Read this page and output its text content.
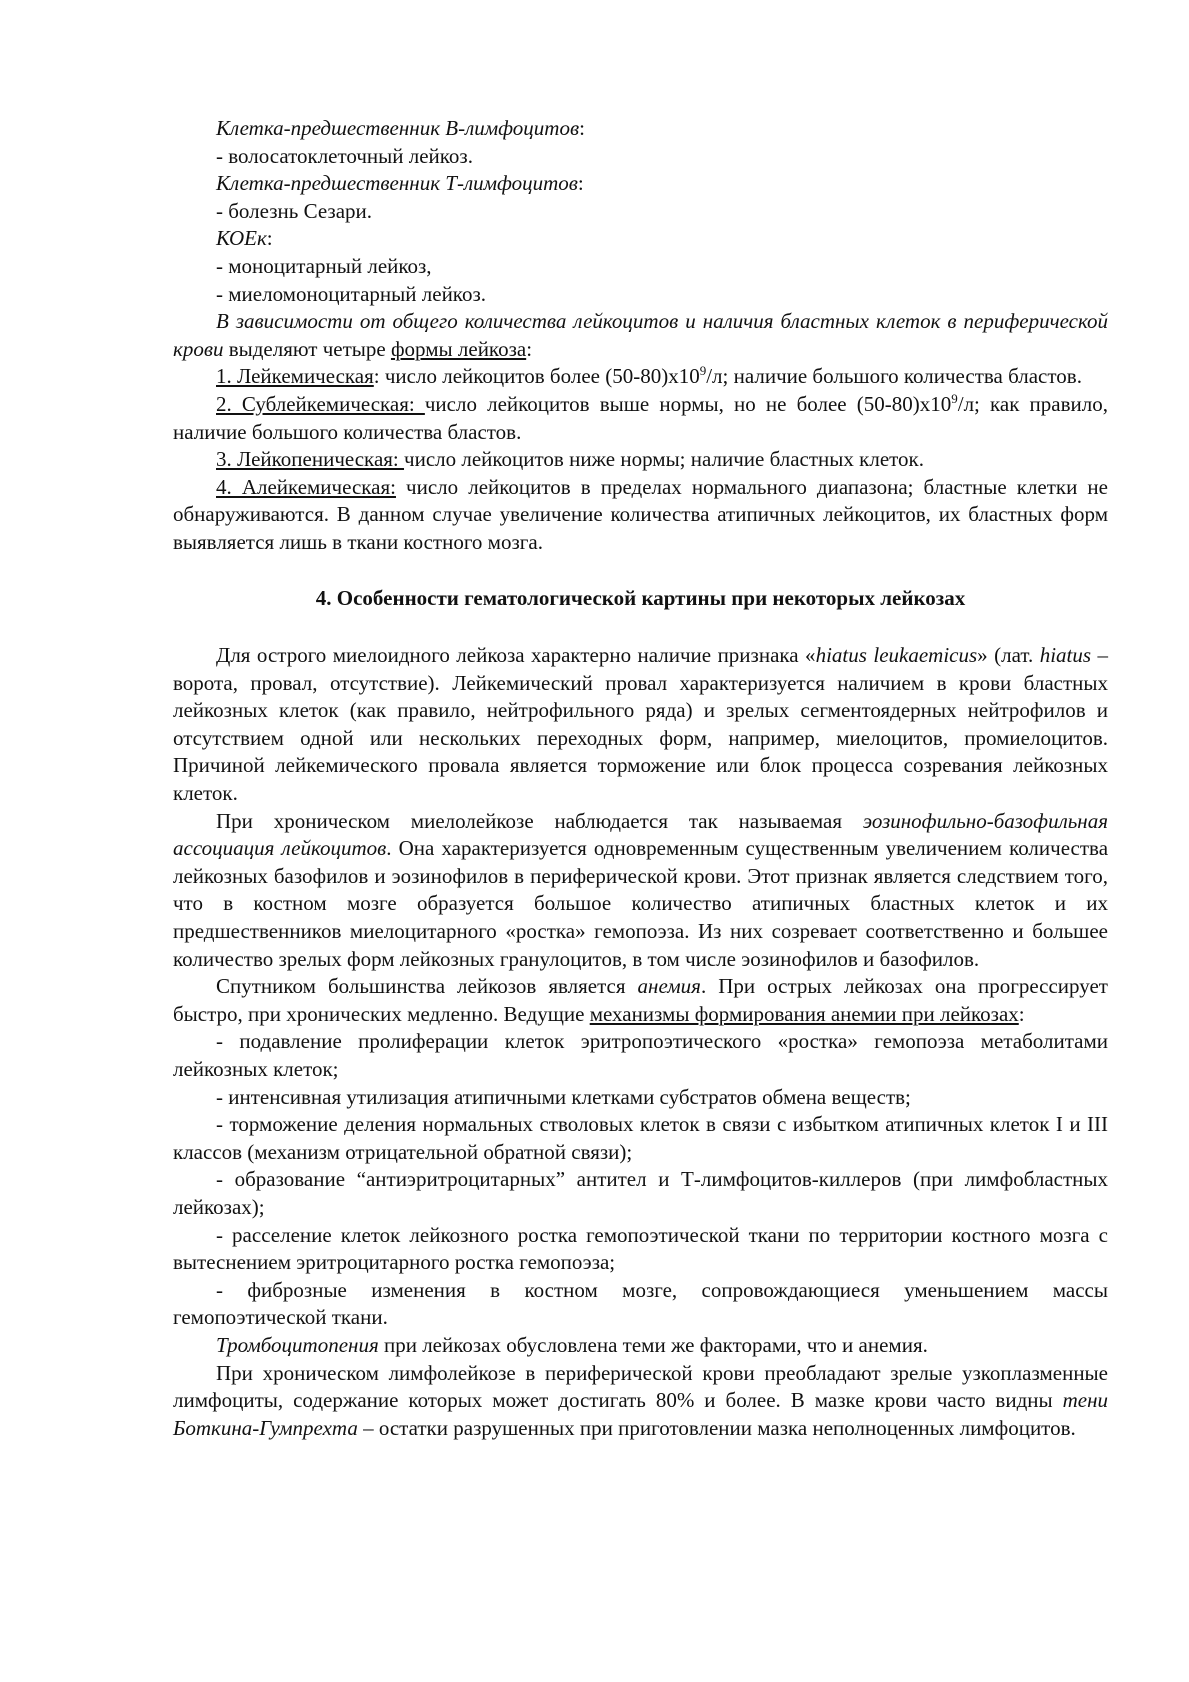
Клетка-предшественник В-лимфоцитов:

- волосатоклеточный лейкоз.

Клетка-предшественник Т-лимфоцитов:

- болезнь Сезари.

КОЕк:

- моноцитарный лейкоз,

- миеломоноцитарный лейкоз.

В зависимости от общего количества лейкоцитов и наличия бластных клеток в периферической крови выделяют четыре формы лейкоза:

1. Лейкемическая: число лейкоцитов более $(50-80)х10^9/л$; наличие большого количества бластов.

2. Сублейкемическая: число лейкоцитов выше нормы, но не более $(50-80)х10^9/л$; как правило, наличие большого количества бластов.

3. Лейкопеническая: число лейкоцитов ниже нормы; наличие бластных клеток.

4. Алейкемическая: число лейкоцитов в пределах нормального диапазона; бластные клетки не обнаруживаются. В данном случае увеличение количества атипичных лейкоцитов, их бластных форм выявляется лишь в ткани костного мозга.

4. Особенности гематологической картины при некоторых лейкозах

Для острого миелоидного лейкоза характерно наличие признака «hiatus leukaemicus» (лат. hiatus – ворота, провал, отсутствие). Лейкемический провал характеризуется наличием в крови бластных лейкозных клеток (как правило, нейтрофильного ряда) и зрелых сегментоядерных нейтрофилов и отсутствием одной или нескольких переходных форм, например, миелоцитов, промиелоцитов. Причиной лейкемического провала является торможение или блок процесса созревания лейкозных клеток.

При хроническом миелолейкозе наблюдается так называемая эозинофильно-базофильная ассоциация лейкоцитов. Она характеризуется одновременным существенным увеличением количества лейкозных базофилов и эозинофилов в периферической крови. Этот признак является следствием того, что в костном мозге образуется большое количество атипичных бластных клеток и их предшественников миелоцитарного «ростка» гемопоэза. Из них созревает соответственно и большее количество зрелых форм лейкозных гранулоцитов, в том числе эозинофилов и базофилов.

Спутником большинства лейкозов является анемия. При острых лейкозах она прогрессирует быстро, при хронических медленно. Ведущие механизмы формирования анемии при лейкозах:

- подавление пролиферации клеток эритропоэтического «ростка» гемопоэза метаболитами лейкозных клеток;

- интенсивная утилизация атипичными клетками субстратов обмена веществ;

- торможение деления нормальных стволовых клеток в связи с избытком атипичных клеток I и III классов (механизм отрицательной обратной связи);

- образование “антиэритроцитарных” антител и Т-лимфоцитов-киллеров (при лимфобластных лейкозах);

- расселение клеток лейкозного ростка гемопоэтической ткани по территории костного мозга с вытеснением эритроцитарного ростка гемопоэза;

- фиброзные изменения в костном мозге, сопровождающиеся уменьшением массы гемопоэтической ткани.

Тромбоцитопения при лейкозах обусловлена теми же факторами, что и анемия.

При хроническом лимфолейкозе в периферической крови преобладают зрелые узкоплазменные лимфоциты, содержание которых может достигать 80% и более. В мазке крови часто видны тени Боткина-Гумпрехта – остатки разрушенных при приготовлении мазка неполноценных лимфоцитов.
